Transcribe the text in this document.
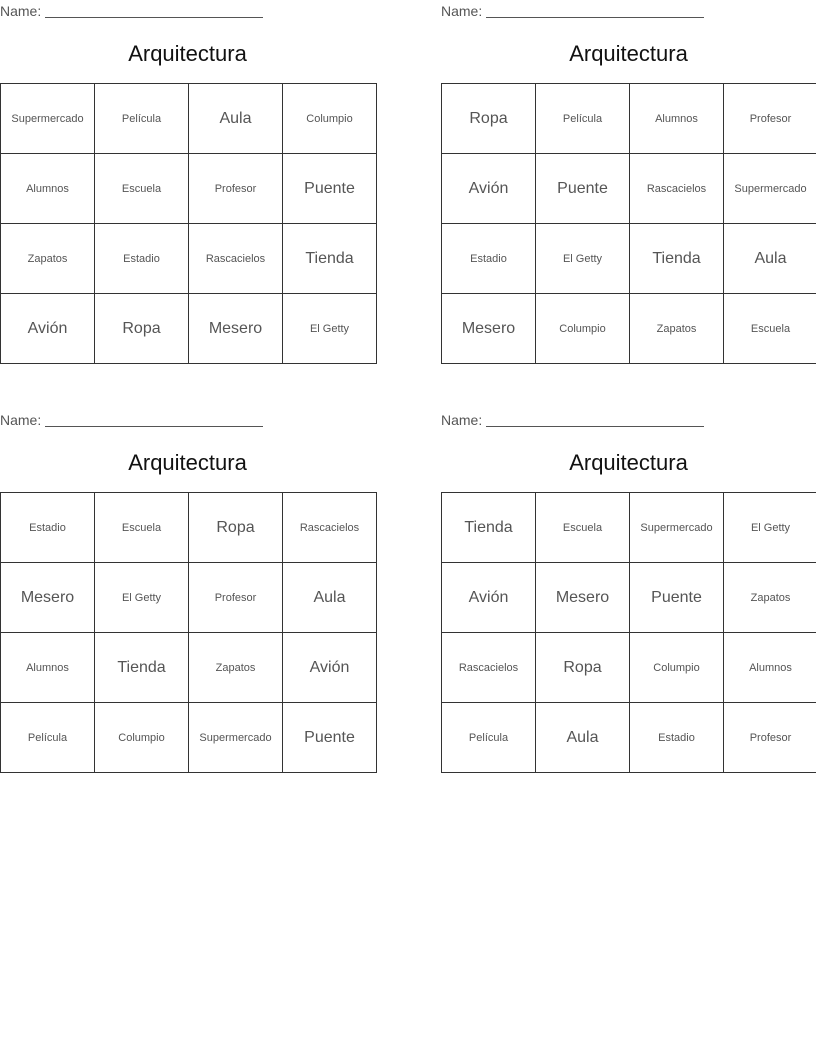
Name:
Arquitectura
Supermercado	Película	Aula	Columpio
Alumnos	Escuela	Profesor	Puente
Zapatos	Estadio	Rascacielos	Tienda
Avión	Ropa	Mesero	El Getty
Name:
Arquitectura
Ropa	Película	Alumnos	Profesor
Avión	Puente	Rascacielos	Supermercado
Estadio	El Getty	Tienda	Aula
Mesero	Columpio	Zapatos	Escuela
Name:
Arquitectura
Estadio	Escuela	Ropa	Rascacielos
Mesero	El Getty	Profesor	Aula
Alumnos	Tienda	Zapatos	Avión
Película	Columpio	Supermercado	Puente
Name:
Arquitectura
Tienda	Escuela	Supermercado	El Getty
Avión	Mesero	Puente	Zapatos
Rascacielos	Ropa	Columpio	Alumnos
Película	Aula	Estadio	Profesor
